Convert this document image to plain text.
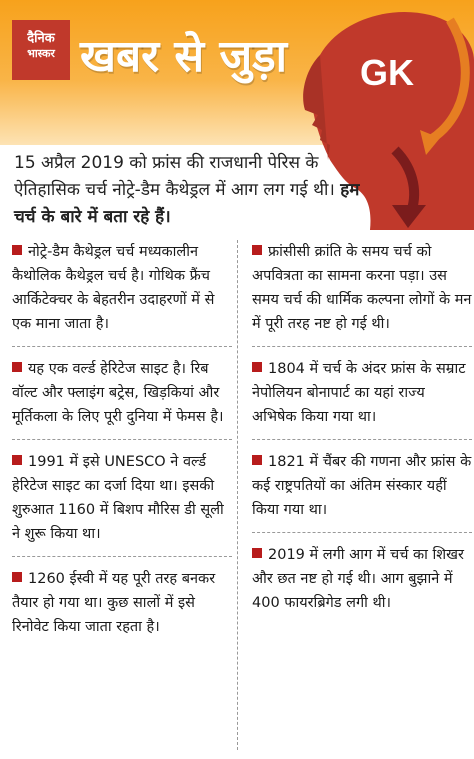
दैनिक
भास्कर खबर से जुड़ा GK
15 अप्रैल 2019 को फ्रांस की राजधानी पेरिस के ऐतिहासिक चर्च नोट्रे-डैम कैथेड्रल में आग लग गई थी। हम चर्च के बारे में बता रहे हैं।
नोट्रे-डैम कैथेड्रल चर्च मध्यकालीन कैथोलिक कैथेड्रल चर्च है। गोथिक फ्रैंच आर्किटेक्चर के बेहतरीन उदाहरणों में से एक माना जाता है।
यह एक वर्ल्ड हेरिटेज साइट है। रिब वॉल्ट और फ्लाइंग बट्रेस, खिड़कियां और मूर्तिकला के लिए पूरी दुनिया में फेमस है।
1991 में इसे UNESCO ने वर्ल्ड हेरिटेज साइट का दर्जा दिया था। इसकी शुरुआत 1160 में बिशप मौरिस डी सूली ने शुरू किया था।
1260 ईस्वी में यह पूरी तरह बनकर तैयार हो गया था। कुछ सालों में इसे रिनोवेट किया जाता रहता है।
फ्रांसीसी क्रांति के समय चर्च को अपवित्रता का सामना करना पड़ा। उस समय चर्च की धार्मिक कल्पना लोगों के मन में पूरी तरह नष्ट हो गई थी।
1804 में चर्च के अंदर फ्रांस के सम्राट नेपोलियन बोनापार्ट का यहां राज्य अभिषेक किया गया था।
1821 में चैंबर की गणना और फ्रांस के कई राष्ट्रपतियों का अंतिम संस्कार यहीं किया गया था।
2019 में लगी आग में चर्च का शिखर और छत नष्ट हो गई थी। आग बुझाने में 400 फायरब्रिगेड लगी थी।
